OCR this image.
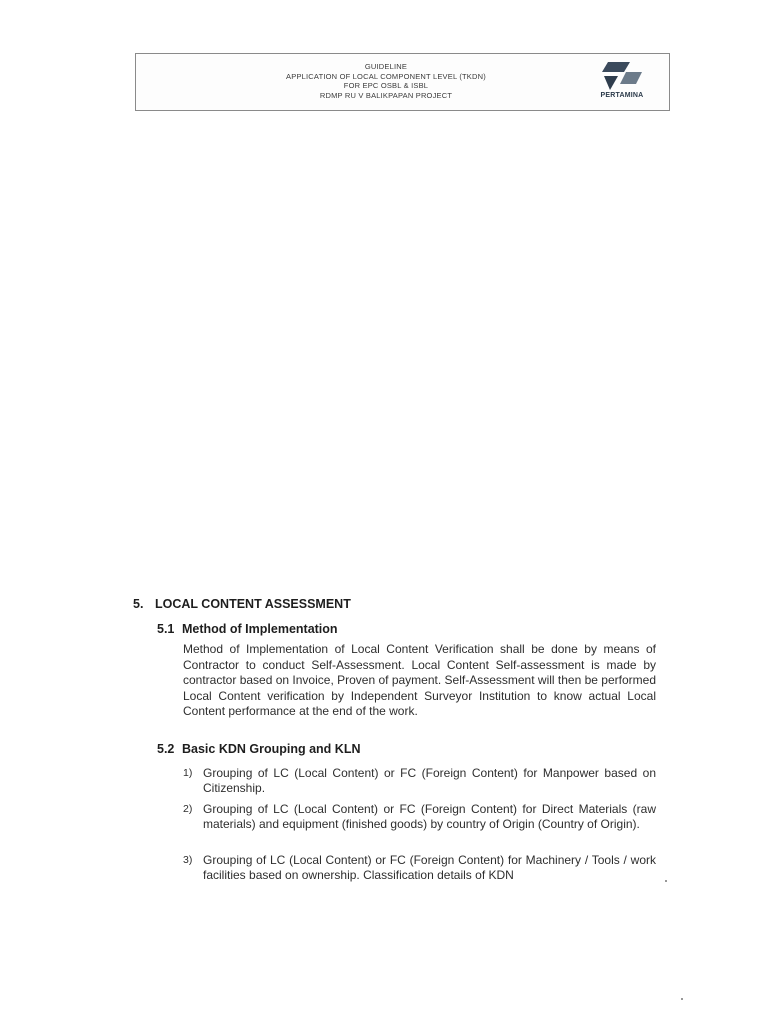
GUIDELINE
APPLICATION OF LOCAL COMPONENT LEVEL (TKDN)
FOR EPC OSBL & ISBL
RDMP RU V BALIKPAPAN PROJECT	PERTAMINA
5. LOCAL CONTENT ASSESSMENT
5.1 Method of Implementation
Method of Implementation of Local Content Verification shall be done by means of Contractor to conduct Self-Assessment. Local Content Self-assessment is made by contractor based on Invoice, Proven of payment. Self-Assessment will then be performed Local Content verification by Independent Surveyor Institution to know actual Local Content performance at the end of the work.
5.2 Basic KDN Grouping and KLN
1) Grouping of LC (Local Content) or FC (Foreign Content) for Manpower based on Citizenship.
2) Grouping of LC (Local Content) or FC (Foreign Content) for Direct Materials (raw materials) and equipment (finished goods) by country of Origin (Country of Origin).
3) Grouping of LC (Local Content) or FC (Foreign Content) for Machinery / Tools / work facilities based on ownership. Classification details of KDN
